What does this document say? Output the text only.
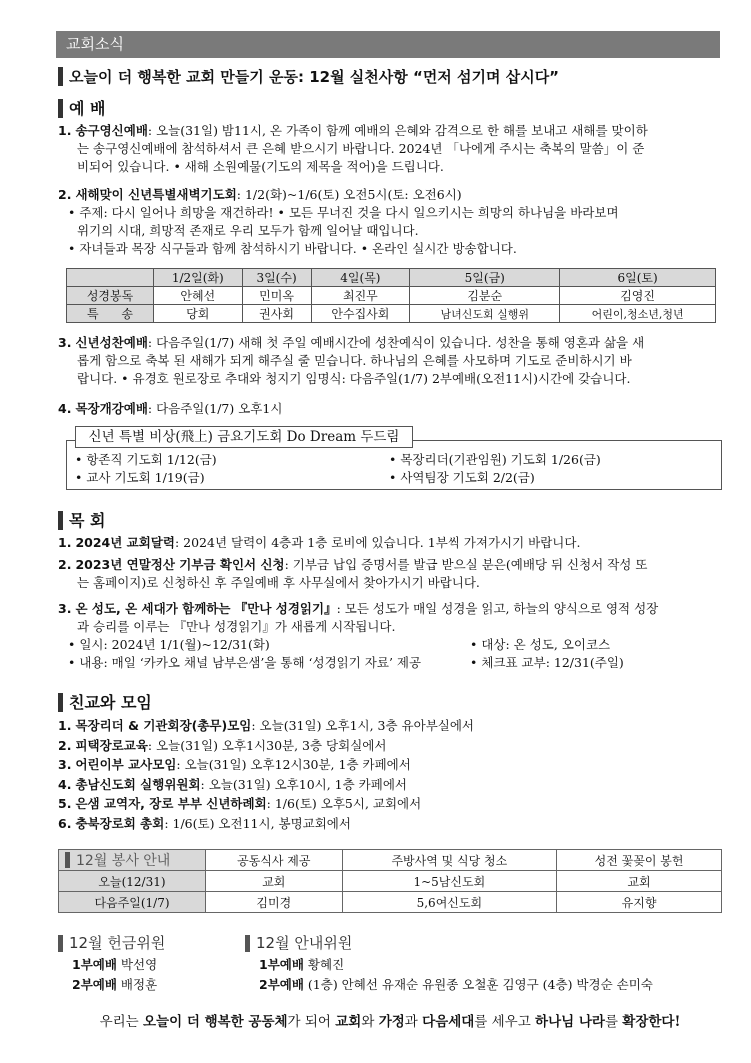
교회소식
오늘이 더 행복한 교회 만들기 운동: 12월 실천사항 “먼저 섬기며 삽시다”
예 배
1. 송구영신예배: 오늘(31일) 밤11시, 온 가족이 함께 예배의 은혜와 감격으로 한 해를 보내고 새해를 맞이하
는 송구영신예배에 참석하셔서 큰 은혜 받으시기 바랍니다. 2024년 「나에게 주시는 축복의 말씀」이 준
비되어 있습니다. • 새해 소원예물(기도의 제목을 적어)을 드립니다.
2. 새해맞이 신년특별새벽기도회: 1/2(화)~1/6(토) 오전5시(토: 오전6시)
• 주제: 다시 일어나 희망을 재건하라! • 모든 무너진 것을 다시 일으키시는 희망의 하나님을 바라보며
위기의 시대, 희망적 존재로 우리 모두가 함께 일어날 때입니다.
• 자녀들과 목장 식구들과 함께 참석하시기 바랍니다. • 온라인 실시간 방송합니다.
	1/2일(화)	3일(수)	4일(목)	5일(금)	6일(토)
성경봉독	안혜선	민미옥	최진무	김분순	김영진
특      송	당회	권사회	안수집사회	남녀신도회 실행위	어린이,청소년,청년
3. 신년성찬예배: 다음주일(1/7) 새해 첫 주일 예배시간에 성찬예식이 있습니다. 성찬을 통해 영혼과 삶을 새
롭게 함으로 축복 된 새해가 되게 해주실 줄 믿습니다. 하나님의 은혜를 사모하며 기도로 준비하시기 바
랍니다. • 유경호 원로장로 추대와 청지기 임명식: 다음주일(1/7) 2부예배(오전11시)시간에 갖습니다.
4. 목장개강예배: 다음주일(1/7) 오후1시
• 항존직 기도회 1/12(금)
• 교사 기도회 1/19(금)
• 목장리더(기관임원) 기도회 1/26(금)
• 사역팀장 기도회 2/2(금)
신년 특별 비상(飛上) 금요기도회 Do Dream 두드림
목 회
1. 2024년 교회달력: 2024년 달력이 4층과 1층 로비에 있습니다. 1부씩 가져가시기 바랍니다.
2. 2023년 연말정산 기부금 확인서 신청: 기부금 납입 증명서를 발급 받으실 분은(예배당 뒤 신청서 작성 또
는 홈페이지)로 신청하신 후 주일예배 후 사무실에서 찾아가시기 바랍니다.
3. 온 성도, 온 세대가 함께하는 『만나 성경읽기』: 모든 성도가 매일 성경을 읽고, 하늘의 양식으로 영적 성장
과 승리를 이루는 『만나 성경읽기』가 새롭게 시작됩니다.
• 일시: 2024년 1/1(월)~12/31(화)	• 대상: 온 성도, 오이코스
• 내용: 매일 ‘카카오 채널 남부은샘’을 통해 ‘성경읽기 자료’ 제공	• 체크표 교부: 12/31(주일)
친교와 모임
1. 목장리더 & 기관회장(총무)모임: 오늘(31일) 오후1시, 3층 유아부실에서
2. 피택장로교육: 오늘(31일) 오후1시30분, 3층 당회실에서
3. 어린이부 교사모임: 오늘(31일) 오후12시30분, 1층 카페에서
4. 총남신도회 실행위원회: 오늘(31일) 오후10시, 1층 카페에서
5. 은샘 교역자, 장로 부부 신년하례회: 1/6(토) 오후5시, 교회에서
6. 충북장로회 총회: 1/6(토) 오전11시, 봉명교회에서
12월 봉사 안내	공동식사 제공	주방사역 및 식당 청소	성전 꽃꽂이 봉헌
오늘(12/31)	교회	1~5남신도회	교회
다음주일(1/7)	김미경	5,6여신도회	유지향
12월 헌금위원
1부예배 박선영
2부예배 배정훈
12월 안내위원
1부예배 황혜진
2부예배 (1층) 안혜선 유재순 유원종 오철훈 김영구 (4층) 박경순 손미숙
우리는 오늘이 더 행복한 공동체가 되어 교회와 가정과 다음세대를 세우고 하나님 나라를 확장한다!
